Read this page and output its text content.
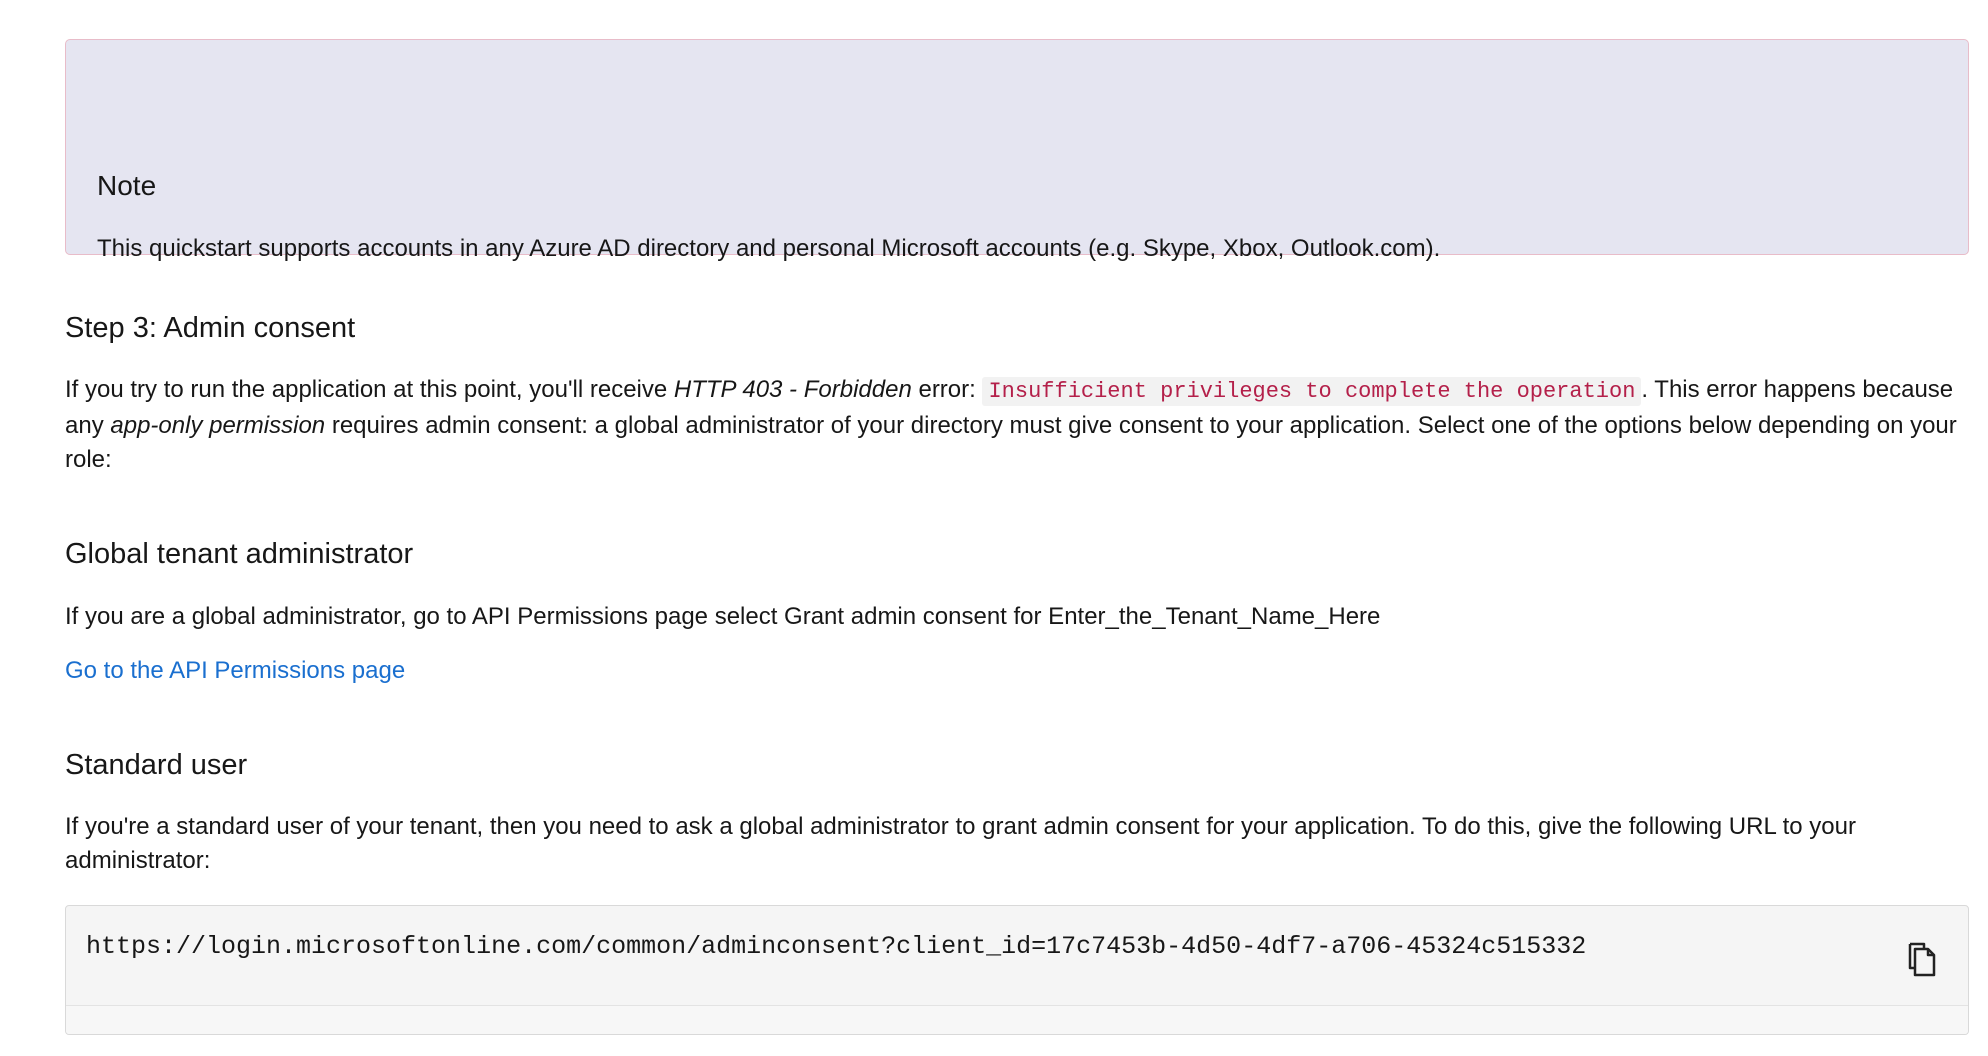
Note
This quickstart supports accounts in any Azure AD directory and personal Microsoft accounts (e.g. Skype, Xbox, Outlook.com).
Step 3: Admin consent

If you try to run the application at this point, you'll receive HTTP 403 - Forbidden error: Insufficient privileges to complete the operation . This error happens because any app-only permission requires admin consent: a global administrator of your directory must give consent to your application. Select one of the options below depending on your role:

Global tenant administrator

If you are a global administrator, go to API Permissions page select Grant admin consent for Enter_the_Tenant_Name_Here

Go to the API Permissions page

Standard user

If you're a standard user of your tenant, then you need to ask a global administrator to grant admin consent for your application. To do this, give the following URL to your administrator:

https://login.microsoftonline.com/common/adminconsent?client_id=17c7453b-4d50-4df7-a706-45324c515332
